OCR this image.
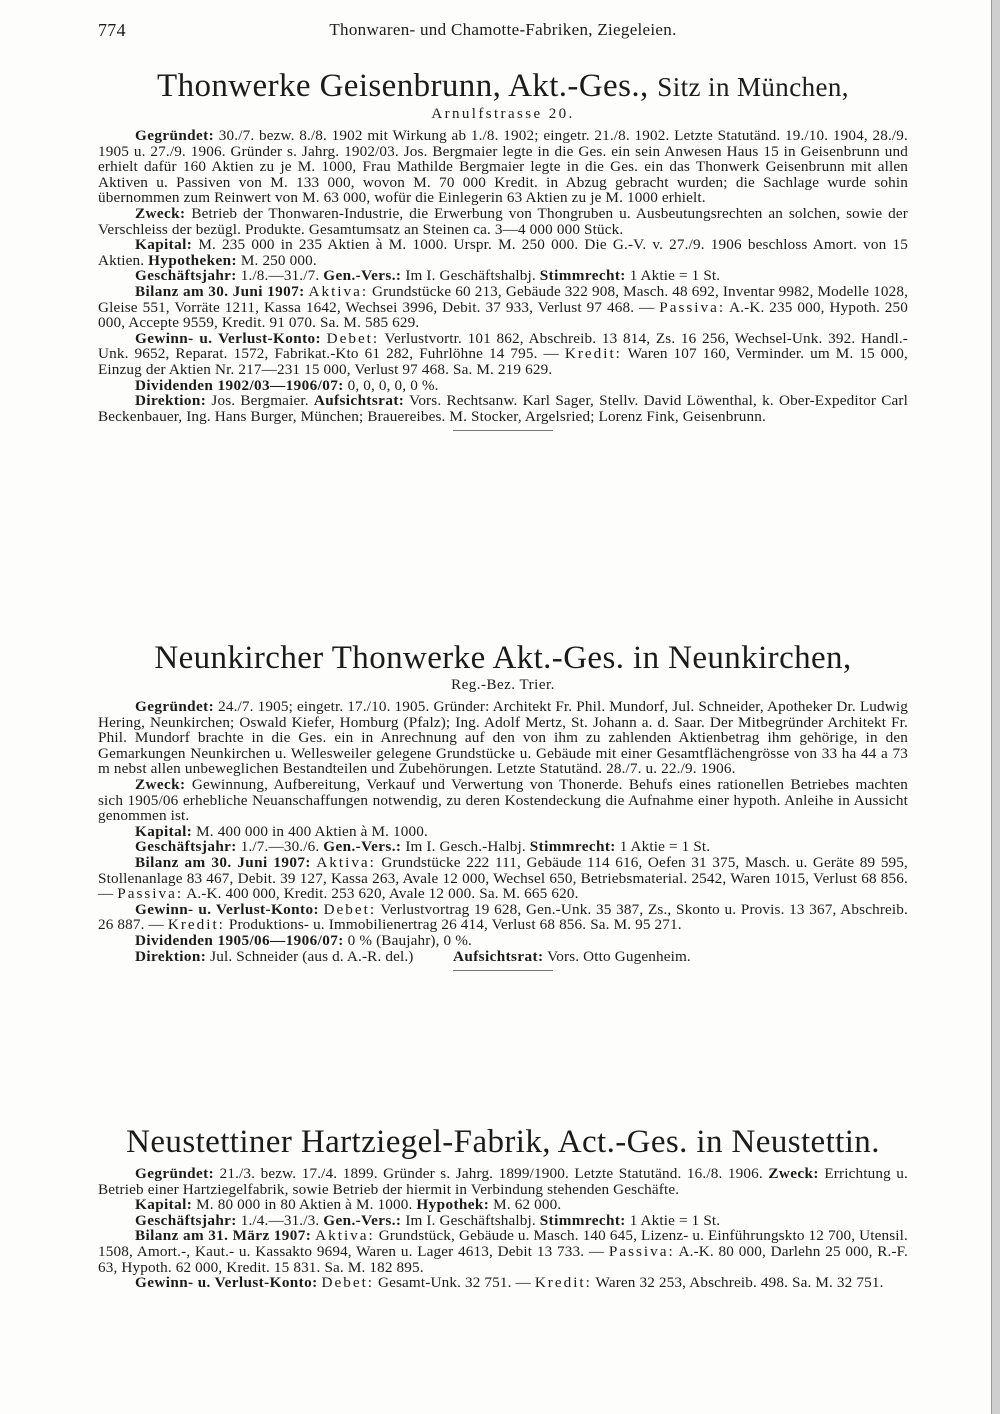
Thonwaren- und Chamotte-Fabriken, Ziegeleien.
774
Thonwerke Geisenbrunn, Akt.-Ges., Sitz in München,
Arnulfstrasse 20.

Gegründet: 30./7. bezw. 8./8. 1902 mit Wirkung ab 1./8. 1902; eingetr. 21./8. 1902. Letzte Statutänd. 19./10. 1904, 28./9. 1905 u. 27./9. 1906. Gründer s. Jahrg. 1902/03. Jos. Bergmaier legte in die Ges. ein sein Anwesen Haus 15 in Geisenbrunn und erhielt dafür 160 Aktien zu je M. 1000, Frau Mathilde Bergmaier legte in die Ges. ein das Thonwerk Geisenbrunn mit allen Aktiven u. Passiven von M. 133 000, wovon M. 70 000 Kredit. in Abzug gebracht wurden; die Sachlage wurde sohin übernommen zum Reinwert von M. 63 000, wofür die Einlegerin 63 Aktien zu je M. 1000 erhielt.

Zweck: Betrieb der Thonwaren-Industrie, die Erwerbung von Thongruben u. Ausbeutungsrechten an solchen, sowie der Verschleiss der bezügl. Produkte. Gesamtumsatz an Steinen ca. 3—4 000 000 Stück.

Kapital: M. 235 000 in 235 Aktien à M. 1000. Urspr. M. 250 000. Die G.-V. v. 27./9. 1906 beschloss Amort. von 15 Aktien. Hypotheken: M. 250 000.

Geschäftsjahr: 1./8.—31./7. Gen.-Vers.: Im I. Geschäftshalbj. Stimmrecht: 1 Aktie = 1 St.

Bilanz am 30. Juni 1907: Aktiva: Grundstücke 60 213, Gebäude 322 908, Masch. 48 692, Inventar 9982, Modelle 1028, Gleise 551, Vorräte 1211, Kassa 1642, Wechsei 3996, Debit. 37 933, Verlust 97 468. — Passiva: A.-K. 235 000, Hypoth. 250 000, Accepte 9559, Kredit. 91 070. Sa. M. 585 629.

Gewinn- u. Verlust-Konto: Debet: Verlustvortr. 101 862, Abschreib. 13 814, Zs. 16 256, Wechsel-Unk. 392. Handl.-Unk. 9652, Reparat. 1572, Fabrikat.-Kto 61 282, Fuhrlöhne 14 795. — Kredit: Waren 107 160, Verminder. um M. 15 000, Einzug der Aktien Nr. 217—231 15 000, Verlust 97 468. Sa. M. 219 629.

Dividenden 1902/03—1906/07: 0, 0, 0, 0, 0 %.

Direktion: Jos. Bergmaier. Aufsichtsrat: Vors. Rechtsanw. Karl Sager, Stellv. David Löwenthal, k. Ober-Expeditor Carl Beckenbauer, Ing. Hans Burger, München; Brauereibes. M. Stocker, Argelsried; Lorenz Fink, Geisenbrunn.

Neunkircher Thonwerke Akt.-Ges. in Neunkirchen,
Reg.-Bez. Trier.

Gegründet: 24./7. 1905; eingetr. 17./10. 1905. Gründer: Architekt Fr. Phil. Mundorf, Jul. Schneider, Apotheker Dr. Ludwig Hering, Neunkirchen; Oswald Kiefer, Homburg (Pfalz); Ing. Adolf Mertz, St. Johann a. d. Saar. Der Mitbegründer Architekt Fr. Phil. Mundorf brachte in die Ges. ein in Anrechnung auf den von ihm zu zahlenden Aktienbetrag ihm gehörige, in den Gemarkungen Neunkirchen u. Wellesweiler gelegene Grundstücke u. Gebäude mit einer Gesamtflächengrösse von 33 ha 44 a 73 m nebst allen unbeweglichen Bestandteilen und Zubehörungen. Letzte Statutänd. 28./7. u. 22./9. 1906.

Zweck: Gewinnung, Aufbereitung, Verkauf und Verwertung von Thonerde. Behufs eines rationellen Betriebes machten sich 1905/06 erhebliche Neuanschaffungen notwendig, zu deren Kostendeckung die Aufnahme einer hypoth. Anleihe in Aussicht genommen ist.

Kapital: M. 400 000 in 400 Aktien à M. 1000.

Geschäftsjahr: 1./7.—30./6. Gen.-Vers.: Im I. Gesch.-Halbj. Stimmrecht: 1 Aktie = 1 St.

Bilanz am 30. Juni 1907: Aktiva: Grundstücke 222 111, Gebäude 114 616, Oefen 31 375, Masch. u. Geräte 89 595, Stollenanlage 83 467, Debit. 39 127, Kassa 263, Avale 12 000, Wechsel 650, Betriebsmaterial. 2542, Waren 1015, Verlust 68 856. — Passiva: A.-K. 400 000, Kredit. 253 620, Avale 12 000. Sa. M. 665 620.

Gewinn- u. Verlust-Konto: Debet: Verlustvortrag 19 628, Gen.-Unk. 35 387, Zs., Skonto u. Provis. 13 367, Abschreib. 26 887. — Kredit: Produktions- u. Immobilienertrag 26 414, Verlust 68 856. Sa. M. 95 271.

Dividenden 1905/06—1906/07: 0 % (Baujahr), 0 %.

Direktion: Jul. Schneider (aus d. A.-R. del.)	Aufsichtsrat: Vors. Otto Gugenheim.

Neustettiner Hartziegel-Fabrik, Act.-Ges. in Neustettin.

Gegründet: 21./3. bezw. 17./4. 1899. Gründer s. Jahrg. 1899/1900. Letzte Statutänd. 16./8. 1906. Zweck: Errichtung u. Betrieb einer Hartziegelfabrik, sowie Betrieb der hiermit in Verbindung stehenden Geschäfte.

Kapital: M. 80 000 in 80 Aktien à M. 1000. Hypothek: M. 62 000.

Geschäftsjahr: 1./4.—31./3. Gen.-Vers.: Im I. Geschäftshalbj. Stimmrecht: 1 Aktie = 1 St.

Bilanz am 31. März 1907: Aktiva: Grundstück, Gebäude u. Masch. 140 645, Lizenz- u. Einführungskto 12 700, Utensil. 1508, Amort.-, Kaut.- u. Kassakto 9694, Waren u. Lager 4613, Debit 13 733. — Passiva: A.-K. 80 000, Darlehn 25 000, R.-F. 63, Hypoth. 62 000, Kredit. 15 831. Sa. M. 182 895.

Gewinn- u. Verlust-Konto: Debet: Gesamt-Unk. 32 751. — Kredit: Waren 32 253, Abschreib. 498. Sa. M. 32 751.
